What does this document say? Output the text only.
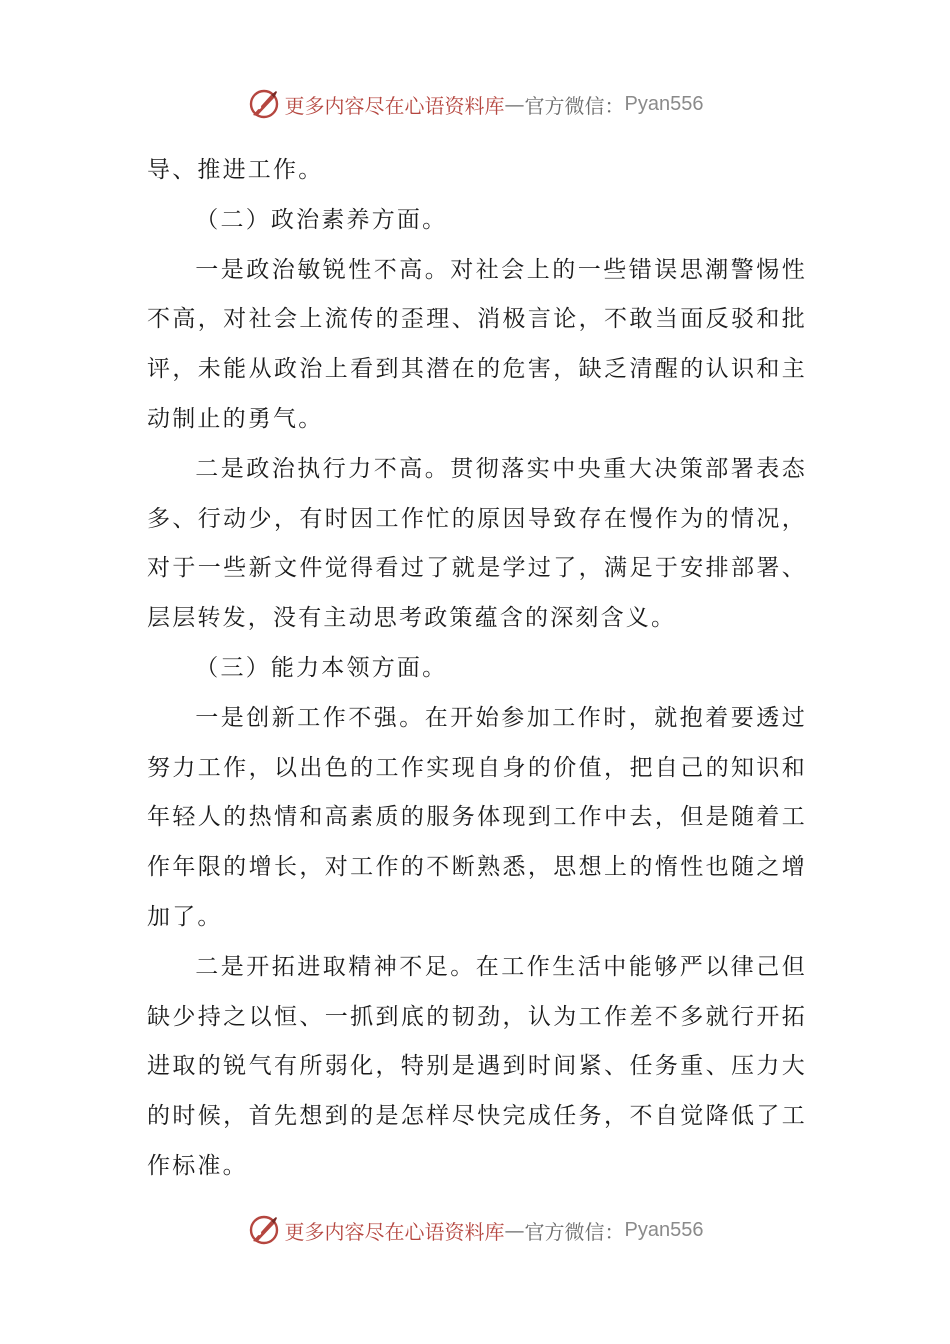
更多内容尽在心语资料库 — 官方微信： Pyan556

导、推进工作。

（二）政治素养方面。

一是政治敏锐性不高。对社会上的一些错误思潮警惕性不高，对社会上流传的歪理、消极言论，不敢当面反驳和批评，未能从政治上看到其潜在的危害，缺乏清醒的认识和主动制止的勇气。

二是政治执行力不高。贯彻落实中央重大决策部署表态多、行动少，有时因工作忙的原因导致存在慢作为的情况，对于一些新文件觉得看过了就是学过了，满足于安排部署、层层转发，没有主动思考政策蕴含的深刻含义。

（三）能力本领方面。

一是创新工作不强。在开始参加工作时，就抱着要透过努力工作，以出色的工作实现自身的价值，把自己的知识和年轻人的热情和高素质的服务体现到工作中去，但是随着工作年限的增长，对工作的不断熟悉，思想上的惰性也随之增加了。

二是开拓进取精神不足。在工作生活中能够严以律己但缺少持之以恒、一抓到底的韧劲，认为工作差不多就行开拓进取的锐气有所弱化，特别是遇到时间紧、任务重、压力大的时候，首先想到的是怎样尽快完成任务，不自觉降低了工作标准。

更多内容尽在心语资料库 — 官方微信： Pyan556
